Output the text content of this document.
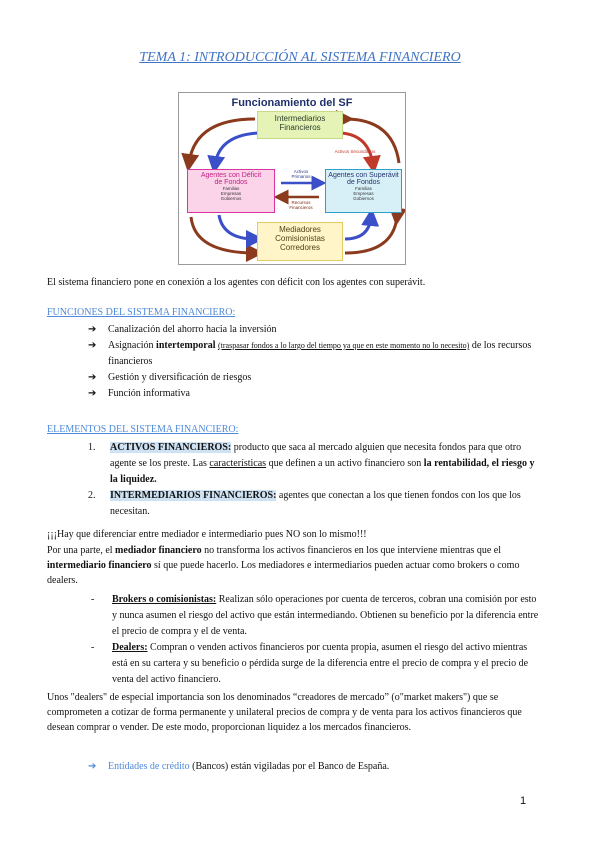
TEMA 1: INTRODUCCIÓN AL SISTEMA FINANCIERO
Funcionamiento del SF
Intermediarios
Financieros
Agentes con Déficit
de Fondos
Familias
Empresas
Gobiernos
Agentes con Superávit
de Fondos
Familias
Empresas
Gobiernos
Mediadores
Comisionistas
Corredores
Activos
Primarios
Recursos
Financieros
Activos Secundarios
El sistema financiero pone en conexión a los agentes con déficit con los agentes con superávit.
FUNCIONES DEL SISTEMA FINANCIERO:
➔ Canalización del ahorro hacia la inversión
➔ Asignación intertemporal (traspasar fondos a lo largo del tiempo ya que en este momento no lo necesito) de los recursos financieros
➔ Gestión y diversificación de riesgos
➔ Función informativa
ELEMENTOS DEL SISTEMA FINANCIERO:
1. ACTIVOS FINANCIEROS: producto que saca al mercado alguien que necesita fondos para que otro agente se los preste. Las características que definen a un activo financiero son la rentabilidad, el riesgo y la liquidez.
2. INTERMEDIARIOS FINANCIEROS: agentes que conectan a los que tienen fondos con los que los necesitan.
¡¡¡Hay que diferenciar entre mediador e intermediario pues NO son lo mismo!!!
Por una parte, el mediador financiero no transforma los activos financieros en los que interviene mientras que el intermediario financiero sí que puede hacerlo. Los mediadores e intermediarios pueden actuar como brokers o como dealers.
- Brokers o comisionistas: Realizan sólo operaciones por cuenta de terceros, cobran una comisión por esto y nunca asumen el riesgo del activo que están intermediando. Obtienen su beneficio por la diferencia entre el precio de compra y el de venta.
- Dealers: Compran o venden activos financieros por cuenta propia, asumen el riesgo del activo mientras está en su cartera y su beneficio o pérdida surge de la diferencia entre el precio de compra y el precio de venta del activo financiero.
Unos "dealers" de especial importancia son los denominados “creadores de mercado” (o"market makers") que se comprometen a cotizar de forma permanente y unilateral precios de compra y de venta para los activos financieros que desean comprar o vender. De este modo, proporcionan liquidez a los mercados financieros.
➔ Entidades de crédito (Bancos) están vigiladas por el Banco de España.
1
